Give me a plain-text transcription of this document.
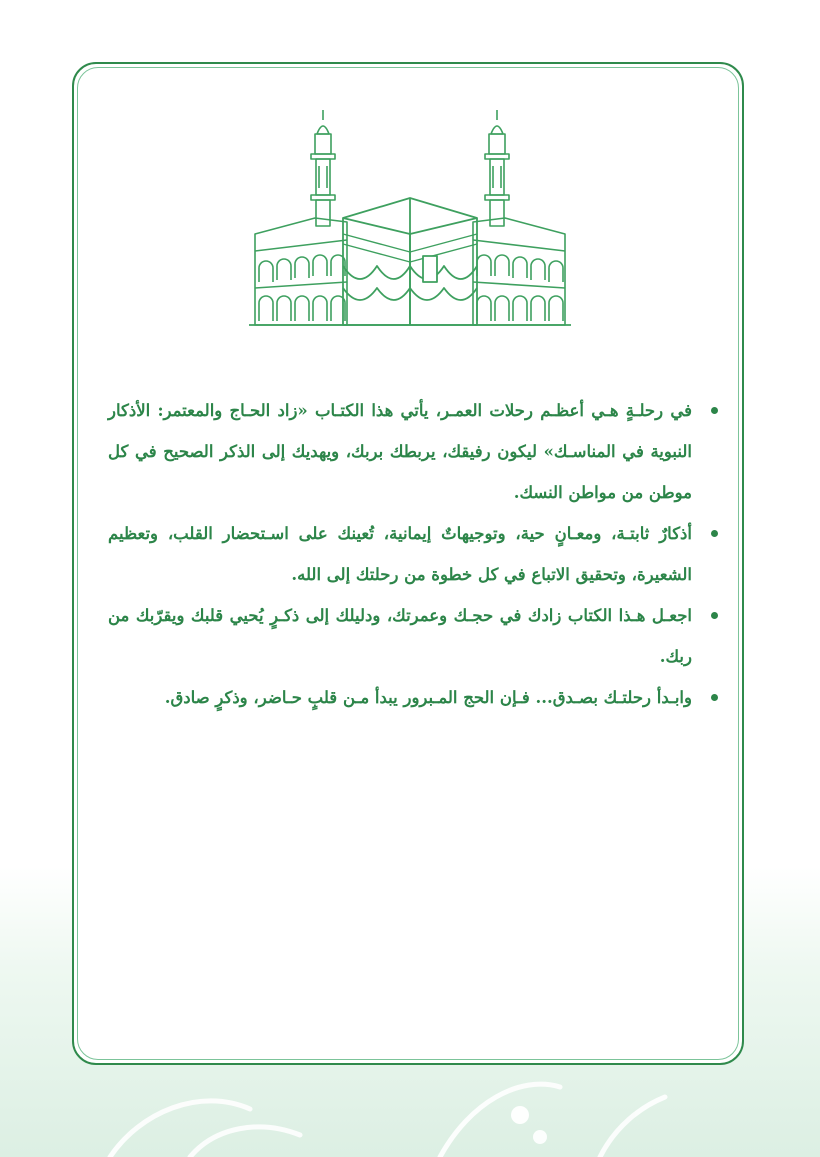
في رحلـةٍ هـي أعظـم رحلات العمـر، يأتي هذا الكتـاب «زاد الحـاج والمعتمر: الأذكار النبوية في المناسـك» ليكون رفيقك، يربطك بربك، ويهديك إلى الذكر الصحيح في كل موطن من مواطن النسك.
أذكارٌ ثابتـة، ومعـانٍ حية، وتوجيهاتٌ إيمانية، تُعينك على اسـتحضار القلب، وتعظيم الشعيرة، وتحقيق الاتباع في كل خطوة من رحلتك إلى الله.
اجعـل هـذا الكتاب زادك في حجـك وعمرتك، ودليلك إلى ذكـرٍ يُحيي قلبك ويقرّبك من ربك.
وابـدأ رحلتـك بصـدق... فـإن الحج المـبرور يبدأ مـن قلبٍ حـاضر، وذكرٍ صادق.
